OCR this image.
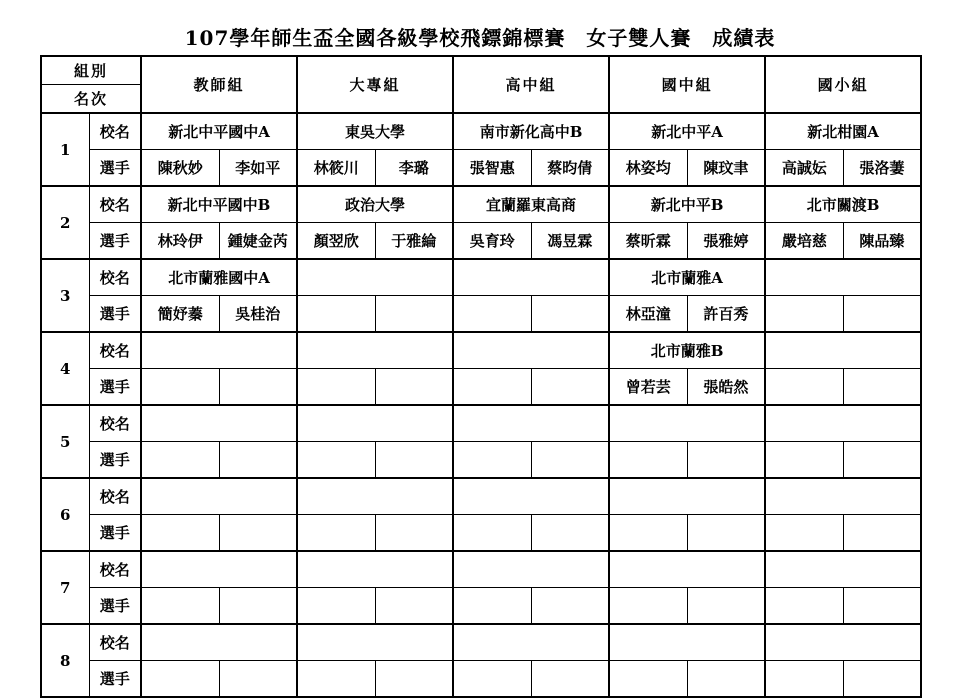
107學年師生盃全國各級學校飛鏢錦標賽　女子雙人賽　成績表
組別		教師組		大專組		高中組		國中組		國小組	
名次											
1	校名	新北中平國中A		東吳大學		南市新化高中B		新北中平A		新北柑園A	
	選手	陳秋妙	李如平	林筱川	李璐	張智惠	蔡昀倩	林姿均	陳玟聿	高誠妘	張洛萋
2	校名	新北中平國中B		政治大學		宜蘭羅東高商		新北中平B		北市關渡B	
	選手	林玲伊	鍾婕金芮	顏翌欣	于雅綸	吳育玲	馮昱霖	蔡昕霖	張雅婷	嚴培慈	陳品臻
3	校名	北市蘭雅國中A						北市蘭雅A			
	選手	簡妤蓁	吳桂治					林亞潼	許百秀		
4	校名							北市蘭雅B			
	選手							曾若芸	張皓然		
5	校名										
	選手										
6	校名										
	選手										
7	校名										
	選手										
8	校名										
	選手										
